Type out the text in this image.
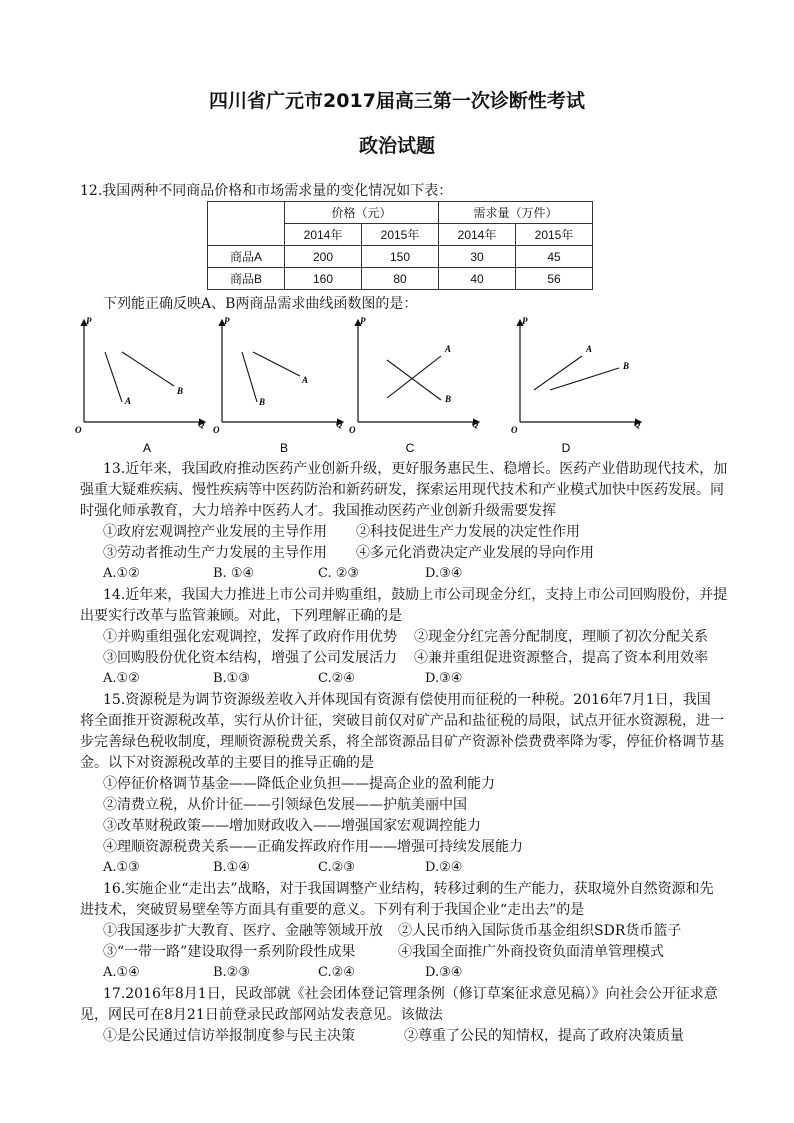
四川省广元市2017届高三第一次诊断性考试
政治试题
12.我国两种不同商品价格和市场需求量的变化情况如下表：
	价格（元）		需求量（万件）	
	2014年	2015年	2014年	2015年
商品A	200	150	30	45
商品B	160	80	40	56
下列能正确反映A、B两商品需求曲线函数图的是：
P
Q
O
A
B
A
P
Q
O
B
A
B
P
Q
O
A
B
C
P
Q
O
A
B
D
13.近年来，我国政府推动医药产业创新升级，更好服务惠民生、稳增长。医药产业借助现代技术，加
强重大疑难疾病、慢性疾病等中医药防治和新药研发，探索运用现代技术和产业模式加快中医药发展。同
时强化师承教育，大力培养中医药人才。我国推动医药产业创新升级需要发挥
①政府宏观调控产业发展的主导作用 ②科技促进生产力发展的决定性作用
③劳动者推动生产力发展的主导作用 ④多元化消费决定产业发展的导向作用
A.①②	B. ①④	C. ②③	D.③④
14.近年来，我国大力推进上市公司并购重组，鼓励上市公司现金分红，支持上市公司回购股份，并提
出要实行改革与监管兼顾。对此，下列理解正确的是
①并购重组强化宏观调控，发挥了政府作用优势 ②现金分红完善分配制度，理顺了初次分配关系
③回购股份优化资本结构，增强了公司发展活力 ④兼并重组促进资源整合，提高了资本利用效率
A.①②	B.①③	C.②④	D.③④
15.资源税是为调节资源级差收入并体现国有资源有偿使用而征税的一种税。2016年7月1日，我国
将全面推开资源税改革，实行从价计征，突破目前仅对矿产品和盐征税的局限，试点开征水资源税，进一
步完善绿色税收制度，理顺资源税费关系，将全部资源品目矿产资源补偿费费率降为零，停征价格调节基
金。以下对资源税改革的主要目的推导正确的是
①停征价格调节基金——降低企业负担——提高企业的盈利能力
②清费立税，从价计征——引领绿色发展——护航美丽中国
③改革财税政策——增加财政收入——增强国家宏观调控能力
④理顺资源税费关系——正确发挥政府作用——增强可持续发展能力
A.①③	B.①④	C.②③	D.②④
16.实施企业“走出去”战略，对于我国调整产业结构，转移过剩的生产能力，获取境外自然资源和先
进技术，突破贸易壁垒等方面具有重要的意义。下列有利于我国企业“走出去”的是
①我国逐步扩大教育、医疗、金融等领域开放 ②人民币纳入国际货币基金组织SDR货币篮子
③“一带一路”建设取得一系列阶段性成果	④我国全面推广外商投资负面清单管理模式
A.①④	B.②③	C.②④	D.③④
17.2016年8月1日，民政部就《社会团体登记管理条例（修订草案征求意见稿）》向社会公开征求意
见，网民可在8月21日前登录民政部网站发表意见。该做法
①是公民通过信访举报制度参与民主决策	②尊重了公民的知情权，提高了政府决策质量
